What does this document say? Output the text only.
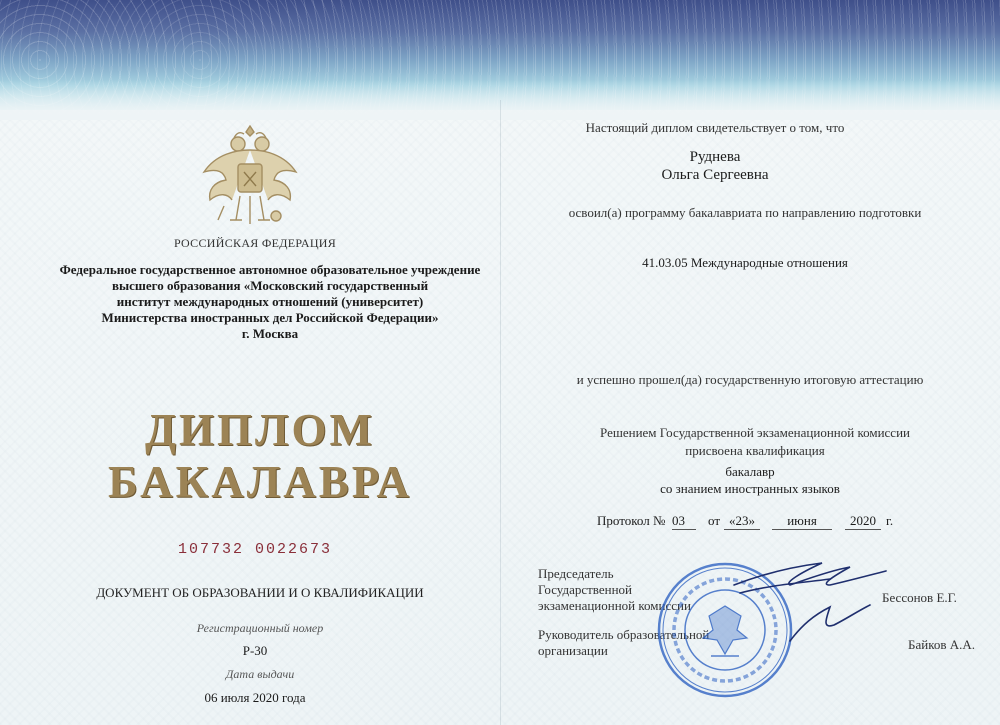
РОССИЙСКАЯ ФЕДЕРАЦИЯ
Федеральное государственное автономное образовательное учреждение
высшего образования «Московский государственный
институт международных отношений (университет)
Министерства иностранных дел Российской Федерации»
г. Москва
ДИПЛОМ
БАКАЛАВРА
107732 0022673
ДОКУМЕНТ ОБ ОБРАЗОВАНИИ И О КВАЛИФИКАЦИИ
Регистрационный номер
Р-30
Дата выдачи
06 июля 2020 года
Настоящий диплом свидетельствует о том, что
Руднева
Ольга Сергеевна
освоил(а) программу бакалавриата по направлению подготовки
41.03.05 Международные отношения
и успешно прошел(да) государственную итоговую аттестацию
Решением Государственной экзаменационной комиссии
присвоена квалификация
бакалавр
со знанием иностранных языков
Протокол № 03	от «23»	июня	2020 г.
Председатель
Государственной
экзаменационной комиссии
Бессонов Е.Г.
Руководитель образовательной
организации	Байков А.А.
